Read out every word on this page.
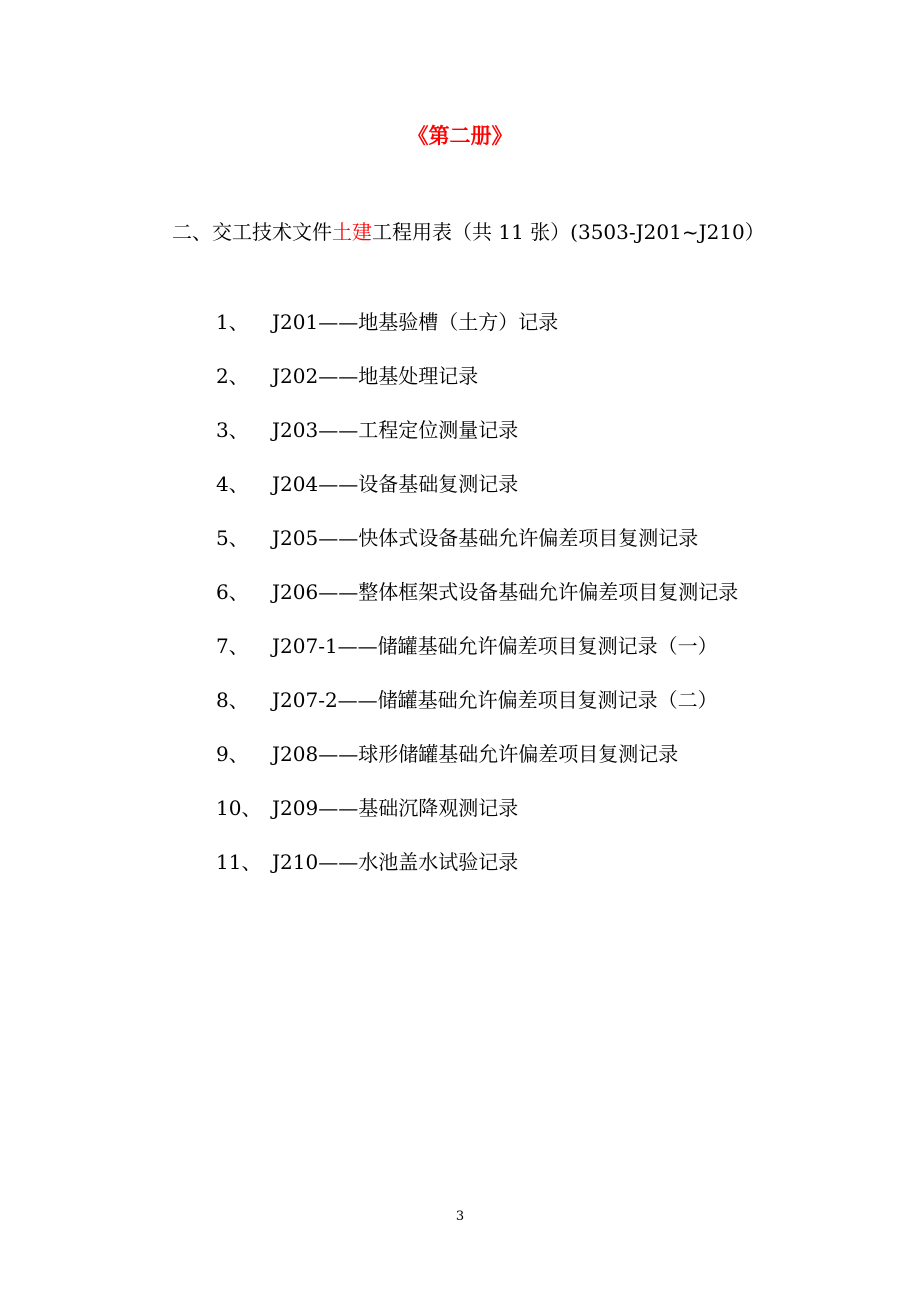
《第二册》
二、交工技术文件土建工程用表（共 11 张）(3503-J201~J210）
1、 J201——地基验槽（土方）记录
2、 J202——地基处理记录
3、 J203——工程定位测量记录
4、 J204——设备基础复测记录
5、 J205——快体式设备基础允许偏差项目复测记录
6、 J206——整体框架式设备基础允许偏差项目复测记录
7、 J207-1——储罐基础允许偏差项目复测记录（一）
8、 J207-2——储罐基础允许偏差项目复测记录（二）
9、 J208——球形储罐基础允许偏差项目复测记录
10、 J209——基础沉降观测记录
11、 J210——水池盖水试验记录
3
